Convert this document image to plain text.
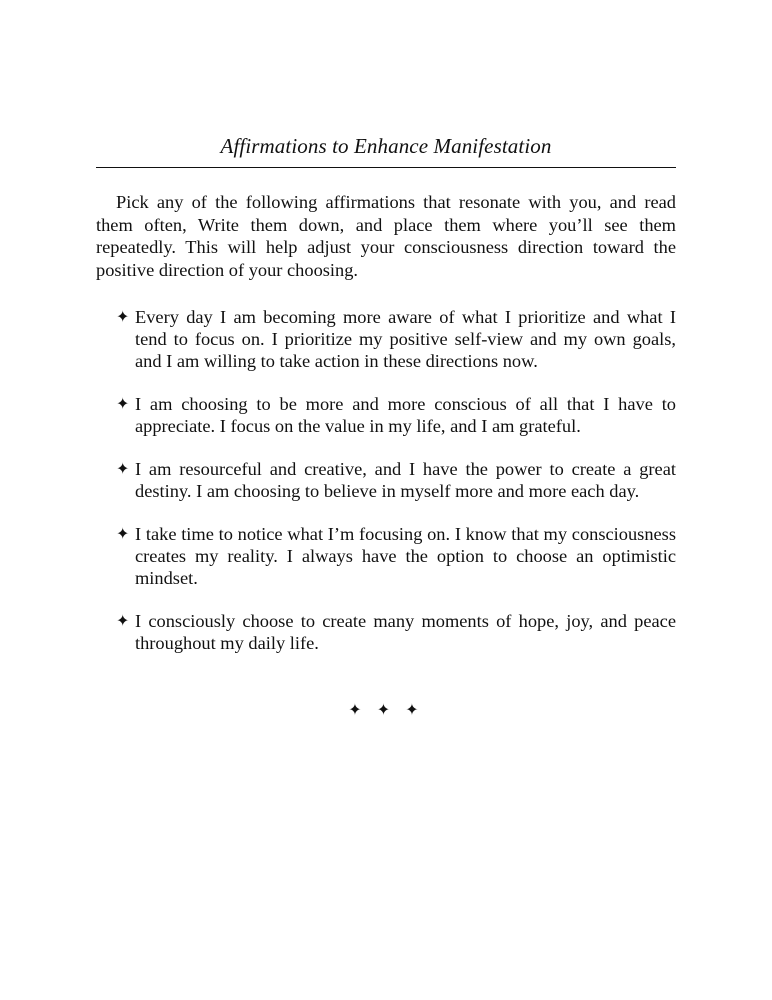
Affirmations to Enhance Manifestation

Pick any of the following affirmations that resonate with you, and read them often, Write them down, and place them where you’ll see them repeatedly. This will help adjust your consciousness direction toward the positive direction of your choosing.

✦ Every day I am becoming more aware of what I prioritize and what I tend to focus on. I prioritize my positive self-view and my own goals, and I am willing to take action in these directions now.
✦ I am choosing to be more and more conscious of all that I have to appreciate. I focus on the value in my life, and I am grateful.
✦ I am resourceful and creative, and I have the power to create a great destiny. I am choosing to believe in myself more and more each day.
✦ I take time to notice what I’m focusing on. I know that my consciousness creates my reality. I always have the option to choose an optimistic mindset.
✦ I consciously choose to create many moments of hope, joy, and peace throughout my daily life.
✦ ✦ ✦
